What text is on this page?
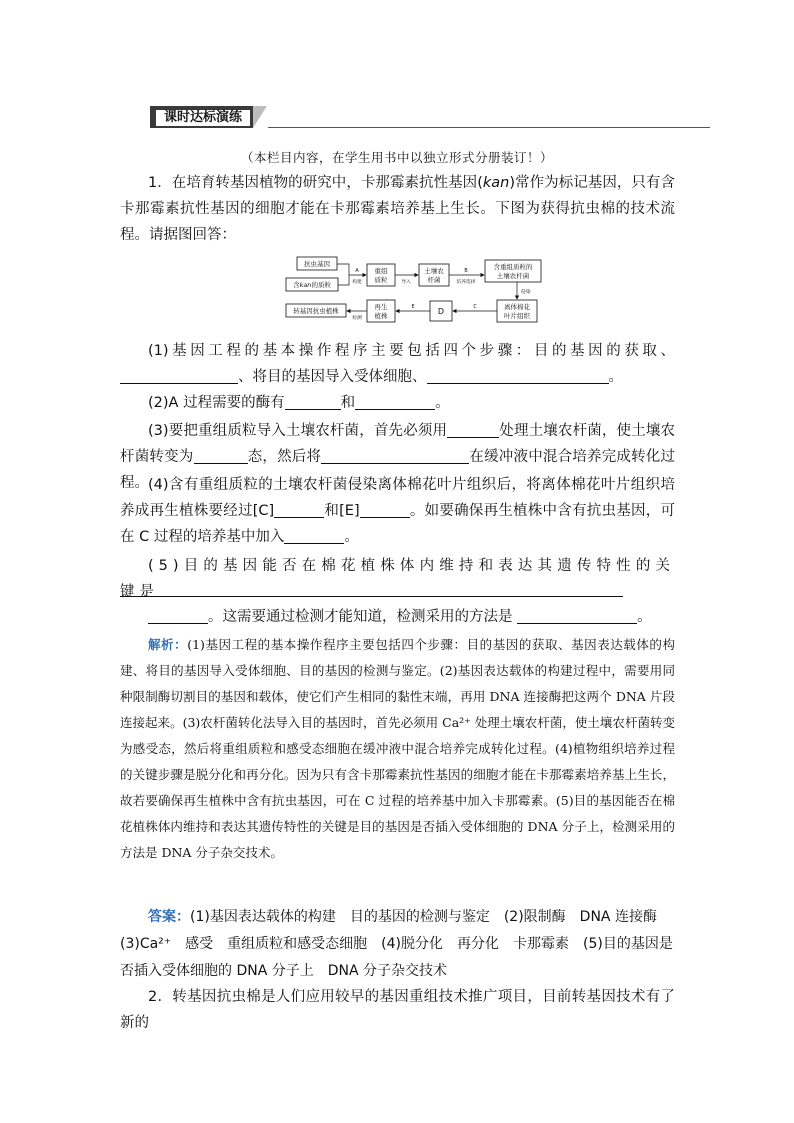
课时达标演练
（本栏目内容，在学生用书中以独立形式分册装订！）
1．在培育转基因植物的研究中，卡那霉素抗性基因(kan)常作为标记基因，只有含卡那霉素抗性基因的细胞才能在卡那霉素培养基上生长。下图为获得抗虫棉的技术流程。请据图回答：
抗虫基因
含kan的质粒
重组
质粒
土壤农
杆菌
含重组质粒的
土壤农杆菌
离体棉花
叶片组织
D
再生
植株
转基因抗虫植株
A
构建	导入
B
培养选择
侵染
C
E
检测
(1)基因工程的基本操作程序主要包括四个步骤：目的基因的获取、、将目的基因导入受体细胞、	。
(2)A 过程需要的酶有	和	。
(3)要把重组质粒导入土壤农杆菌，首先必须用	处理土壤农杆菌，使土壤农杆菌转变为	态，然后将	在缓冲液中混合培养完成转化过程。 (4)含有重组质粒的土壤农杆菌侵染离体棉花叶片组织后，将离体棉花叶片组织培养成再生植株要经过[C]	和[E]	。如要确保再生植株中含有抗虫基因，可在 C 过程的培养基中加入	。
(5)目的基因能否在棉花植株体内维持和表达其遗传特性的关键是
。这需要通过检测才能知道，检测采用的方法是	。
解析：(1)基因工程的基本操作程序主要包括四个步骤：目的基因的获取、基因表达载体的构建、将目的基因导入受体细胞、目的基因的检测与鉴定。(2)基因表达载体的构建过程中，需要用同种限制酶切割目的基因和载体，使它们产生相同的黏性末端，再用 DNA 连接酶把这两个 DNA 片段连接起来。(3)农杆菌转化法导入目的基因时，首先必须用 Ca²⁺ 处理土壤农杆菌，使土壤农杆菌转变为感受态，然后将重组质粒和感受态细胞在缓冲液中混合培养完成转化过程。(4)植物组织培养过程的关键步骤是脱分化和再分化。因为只有含卡那霉素抗性基因的细胞才能在卡那霉素培养基上生长，故若要确保再生植株中含有抗虫基因，可在 C 过程的培养基中加入卡那霉素。(5)目的基因能否在棉花植株体内维持和表达其遗传特性的关键是目的基因是否插入受体细胞的 DNA 分子上，检测采用的方法是 DNA 分子杂交技术。
答案：(1)基因表达载体的构建　目的基因的检测与鉴定　(2)限制酶　DNA 连接酶　(3)Ca²⁺　感受　重组质粒和感受态细胞　(4)脱分化　再分化　卡那霉素　(5)目的基因是否插入受体细胞的 DNA 分子上　DNA 分子杂交技术
2．转基因抗虫棉是人们应用较早的基因重组技术推广项目，目前转基因技术有了新的
